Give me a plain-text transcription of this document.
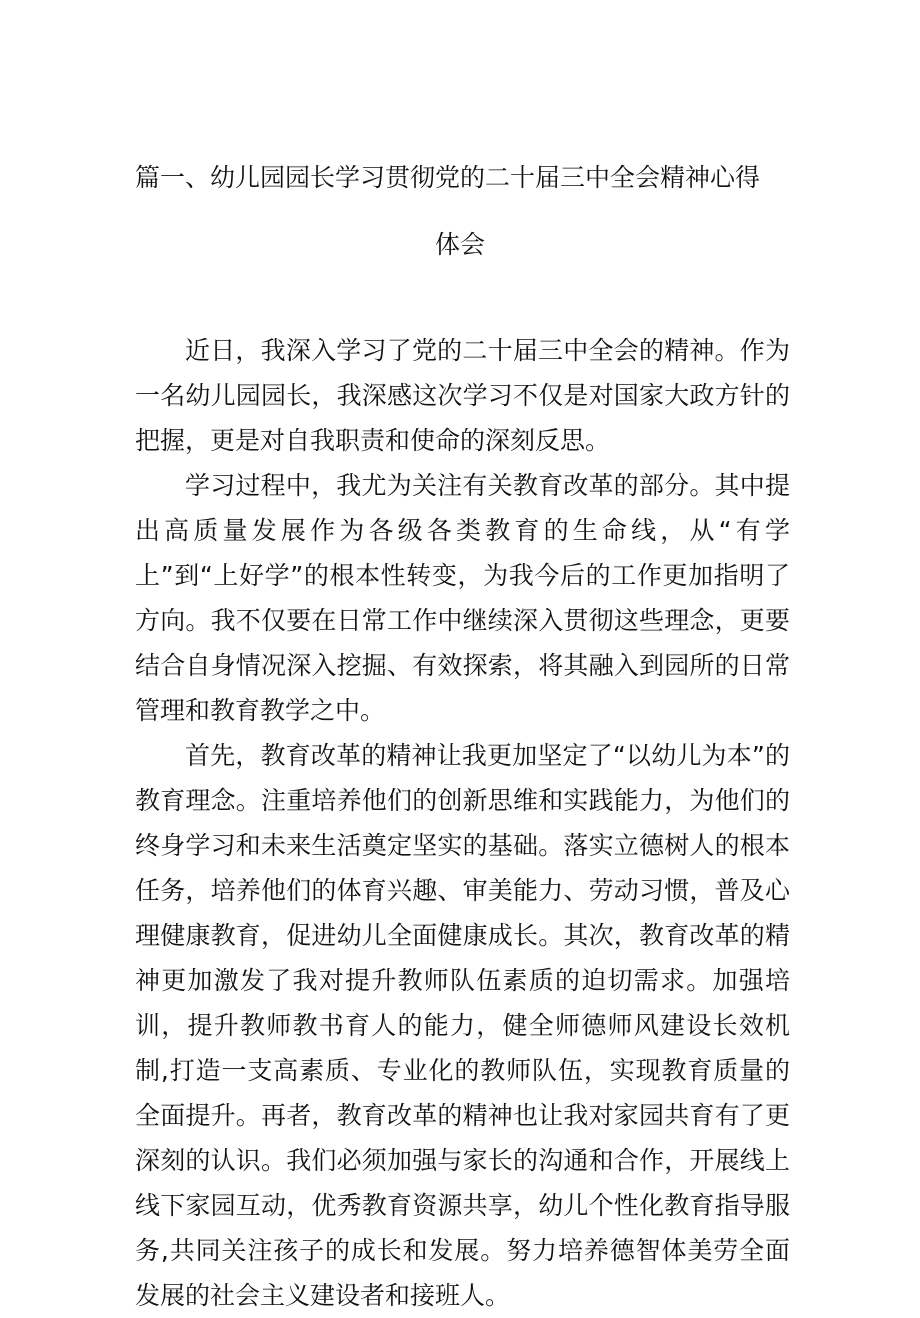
篇一、幼儿园园长学习贯彻党的二十届三中全会精神心得
体会

近日，我深入学习了党的二十届三中全会的精神。作为一名幼儿园园长，我深感这次学习不仅是对国家大政方针的把握，更是对自我职责和使命的深刻反思。

学习过程中，我尤为关注有关教育改革的部分。其中提出高质量发展作为各级各类教育的生命线，从“有学上”到“上好学”的根本性转变，为我今后的工作更加指明了方向。我不仅要在日常工作中继续深入贯彻这些理念，更要结合自身情况深入挖掘、有效探索，将其融入到园所的日常管理和教育教学之中。

首先，教育改革的精神让我更加坚定了“以幼儿为本”的教育理念。注重培养他们的创新思维和实践能力，为他们的终身学习和未来生活奠定坚实的基础。落实立德树人的根本任务，培养他们的体育兴趣、审美能力、劳动习惯，普及心理健康教育，促进幼儿全面健康成长。其次，教育改革的精神更加激发了我对提升教师队伍素质的迫切需求。加强培训，提升教师教书育人的能力，健全师德师风建设长效机制,打造一支高素质、专业化的教师队伍，实现教育质量的全面提升。再者，教育改革的精神也让我对家园共育有了更深刻的认识。我们必须加强与家长的沟通和合作，开展线上线下家园互动，优秀教育资源共享，幼儿个性化教育指导服务,共同关注孩子的成长和发展。努力培养德智体美劳全面发展的社会主义建设者和接班人。
